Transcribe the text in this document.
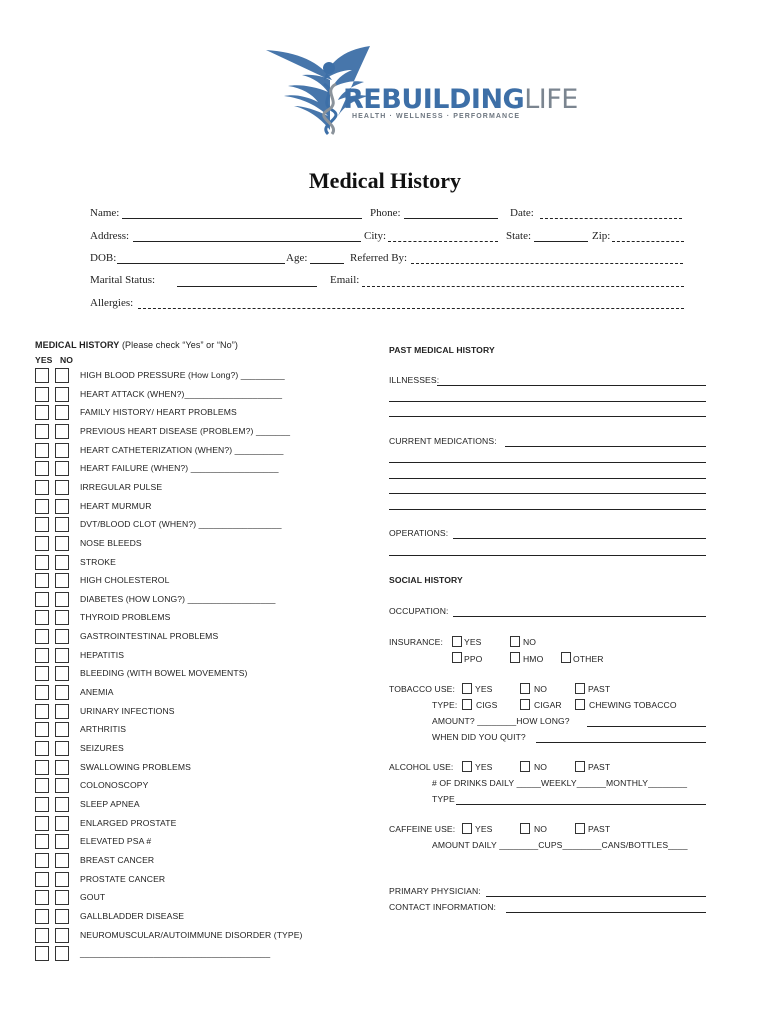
REBUILDINGLIFE
HEALTH · WELLNESS · PERFORMANCE
Medical History
Name:	Phone:	Date:
Address:	City:	State:	Zip:
DOB:	Age:	Referred By:
Marital Status:	Email:
Allergies:
MEDICAL HISTORY (Please check “Yes” or “No”)
YES NO
HIGH BLOOD PRESSURE (How Long?) _________
HEART ATTACK (WHEN?)____________________
FAMILY HISTORY/ HEART PROBLEMS
PREVIOUS HEART DISEASE (PROBLEM?) _______
HEART CATHETERIZATION (WHEN?) __________
HEART FAILURE (WHEN?) __________________
IRREGULAR PULSE
HEART MURMUR
DVT/BLOOD CLOT (WHEN?) _________________
NOSE BLEEDS
STROKE
HIGH CHOLESTEROL
DIABETES (HOW LONG?) __________________
THYROID PROBLEMS
GASTROINTESTINAL PROBLEMS
HEPATITIS
BLEEDING (WITH BOWEL MOVEMENTS)
ANEMIA
URINARY INFECTIONS
ARTHRITIS
SEIZURES
SWALLOWING PROBLEMS
COLONOSCOPY
SLEEP APNEA
ENLARGED PROSTATE
ELEVATED PSA #
BREAST CANCER
PROSTATE CANCER
GOUT
GALLBLADDER DISEASE
NEUROMUSCULAR/AUTOIMMUNE DISORDER (TYPE)
_______________________________________
PAST MEDICAL HISTORY
ILLNESSES:
CURRENT MEDICATIONS:
OPERATIONS:
SOCIAL HISTORY
OCCUPATION:
INSURANCE: YES	NO
PPO	HMO	OTHER
TOBACCO USE: YES	NO	PAST
TYPE: CIGS	CIGAR	CHEWING TOBACCO
AMOUNT? ________HOW LONG?
WHEN DID YOU QUIT?
ALCOHOL USE:	YES	NO	PAST
# OF DRINKS DAILY _____WEEKLY______MONTHLY________
TYPE
CAFFEINE USE: YES	NO	PAST
AMOUNT DAILY ________CUPS________CANS/BOTTLES____
PRIMARY PHYSICIAN:
CONTACT INFORMATION:
